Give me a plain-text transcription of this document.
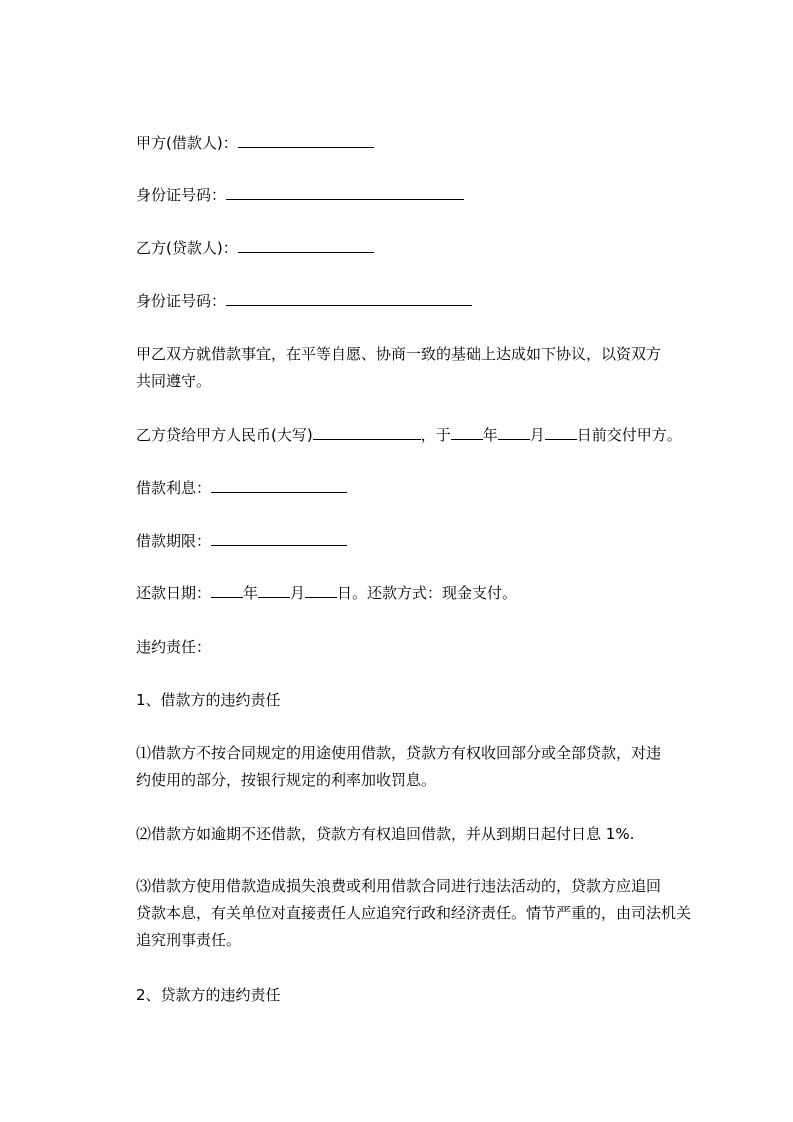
甲方(借款人)：
身份证号码：
乙方(贷款人)：
身份证号码：
甲乙双方就借款事宜，在平等自愿、协商一致的基础上达成如下协议，以资双方
共同遵守。
乙方贷给甲方人民币(大写)	，于 年 月 日前交付甲方。
借款利息：
借款期限：
还款日期： 年 月 日。还款方式：现金支付。
违约责任：
1、借款方的违约责任
⑴借款方不按合同规定的用途使用借款，贷款方有权收回部分或全部贷款，对违
约使用的部分，按银行规定的利率加收罚息。
⑵借款方如逾期不还借款，贷款方有权追回借款，并从到期日起付日息 1%.
⑶借款方使用借款造成损失浪费或利用借款合同进行违法活动的，贷款方应追回
贷款本息，有关单位对直接责任人应追究行政和经济责任。情节严重的，由司法机关
追究刑事责任。
2、贷款方的违约责任
